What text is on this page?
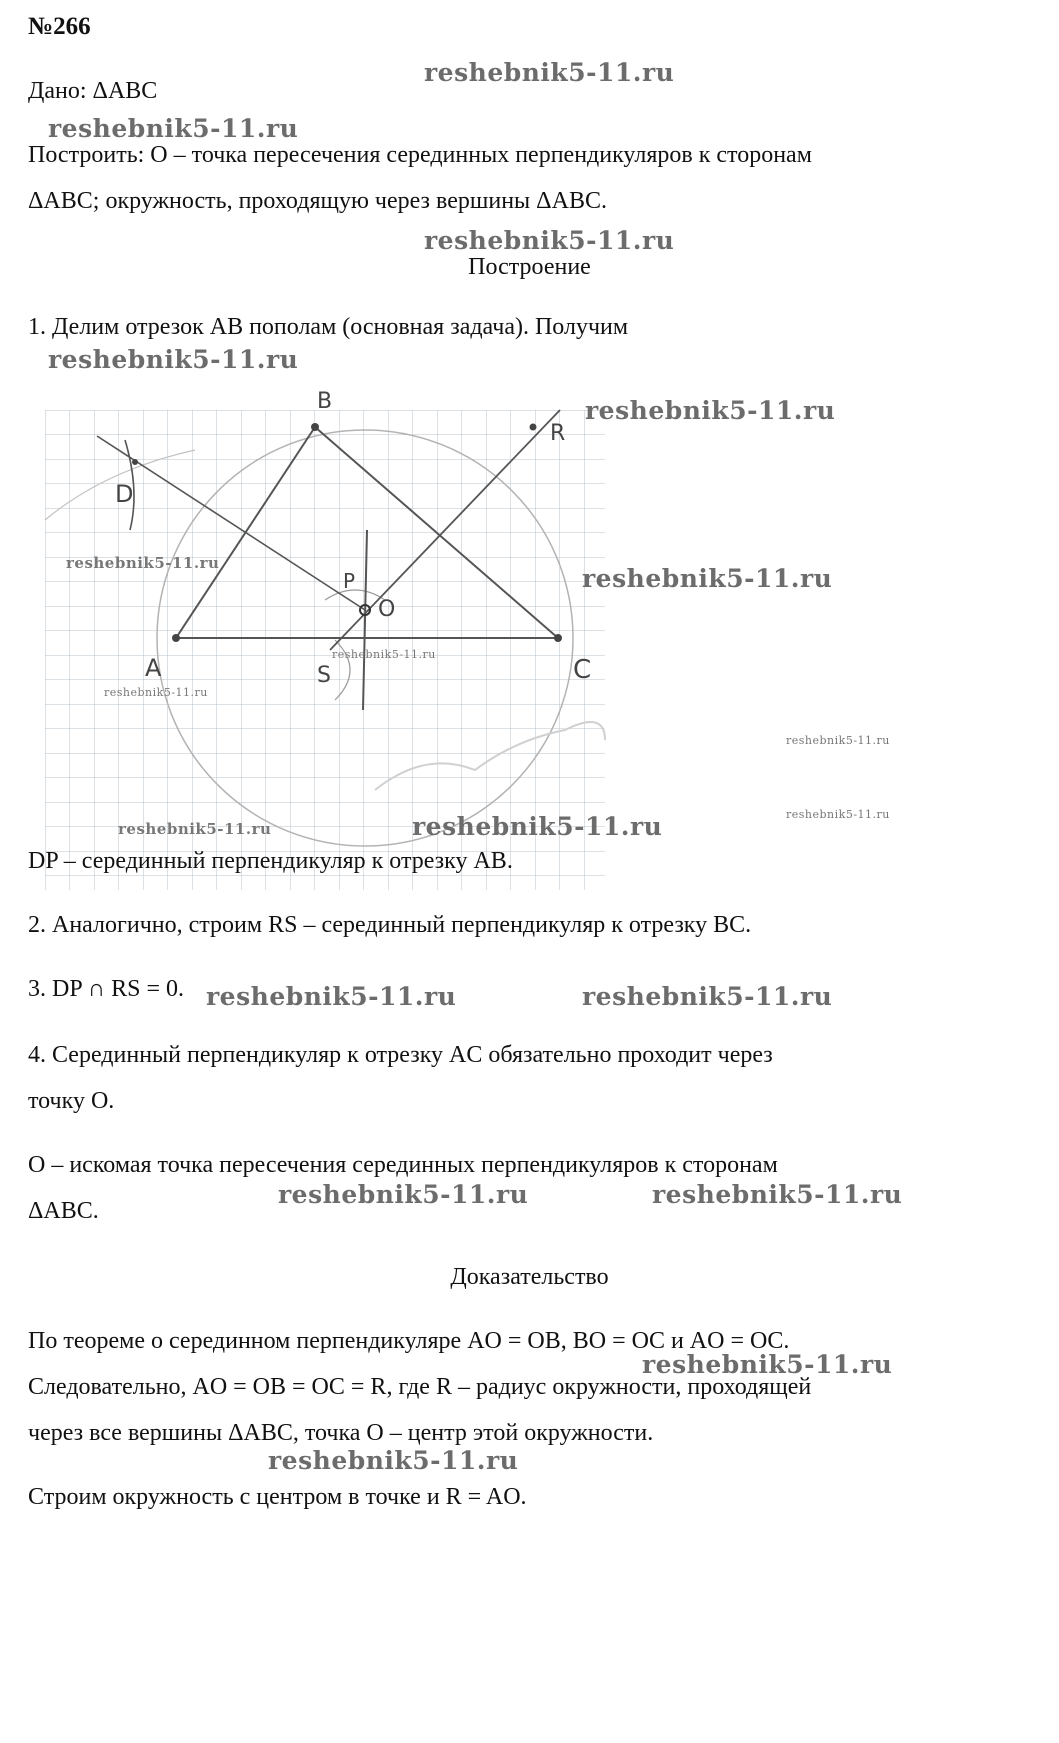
№266
Дано: ΔABC
Построить: O – точка пересечения серединных перпендикуляров к сторонам
ΔABC; окружность, проходящую через вершины ΔABC.
Построение
1. Делим отрезок AB пополам (основная задача). Получим
A
B
C
D
P
O
R
S
DP – серединный перпендикуляр к отрезку AB.
2. Аналогично, строим RS – серединный перпендикуляр к отрезку BC.
3. DP ∩ RS = 0.
4. Серединный перпендикуляр к отрезку AC обязательно проходит через
точку O.
O – искомая точка пересечения серединных перпендикуляров к сторонам
ΔABC.
Доказательство
По теореме о серединном перпендикуляре AO = OB, BO = OC и AO = OC.
Следовательно, AO = OB = OC = R, где R – радиус окружности, проходящей
через все вершины ΔABC, точка O – центр этой окружности.
Строим окружность с центром в точке и R = AO.
reshebnik5-11.ru
reshebnik5-11.ru
reshebnik5-11.ru
reshebnik5-11.ru
reshebnik5-11.ru
reshebnik5-11.ru
reshebnik5-11.ru
reshebnik5-11.ru
reshebnik5-11.ru
reshebnik5-11.ru
reshebnik5-11.ru
reshebnik5-11.ru	reshebnik5-11.ru
reshebnik5-11.ru	reshebnik5-11.ru
reshebnik5-11.ru	reshebnik5-11.ru
reshebnik5-11.ru
reshebnik5-11.ru
